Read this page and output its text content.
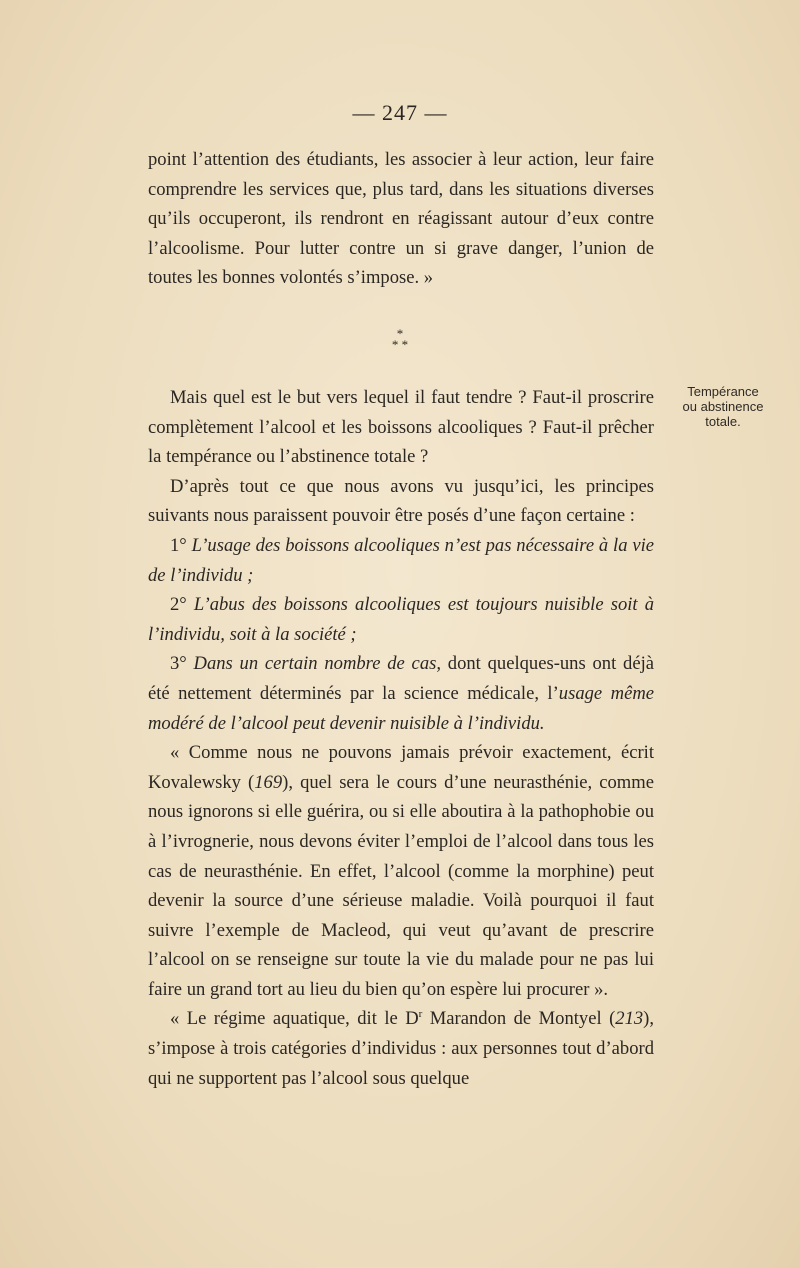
— 247 —

point l’attention des étudiants, les associer à leur action, leur faire comprendre les services que, plus tard, dans les situations diverses qu’ils occuperont, ils rendront en réagissant autour d’eux contre l’alcoolisme. Pour lutter contre un si grave danger, l’union de toutes les bonnes volontés s’impose. »

*
* *
Tempérance
ou abstinence
totale.

Mais quel est le but vers lequel il faut tendre ? Faut-il proscrire complètement l’alcool et les boissons alcooliques ? Faut-il prêcher la tempérance ou l’abstinence totale ?

D’après tout ce que nous avons vu jusqu’ici, les principes suivants nous paraissent pouvoir être posés d’une façon certaine :

1° L’usage des boissons alcooliques n’est pas nécessaire à la vie de l’individu ;

2° L’abus des boissons alcooliques est toujours nuisible soit à l’individu, soit à la société ;

3° Dans un certain nombre de cas, dont quelques-uns ont déjà été nettement déterminés par la science médicale, l’usage même modéré de l’alcool peut devenir nuisible à l’individu.

« Comme nous ne pouvons jamais prévoir exactement, écrit Kovalewsky (169), quel sera le cours d’une neurasthénie, comme nous ignorons si elle guérira, ou si elle aboutira à la pathophobie ou à l’ivrognerie, nous devons éviter l’emploi de l’alcool dans tous les cas de neurasthénie. En effet, l’alcool (comme la morphine) peut devenir la source d’une sérieuse maladie. Voilà pourquoi il faut suivre l’exemple de Macleod, qui veut qu’avant de prescrire l’alcool on se renseigne sur toute la vie du malade pour ne pas lui faire un grand tort au lieu du bien qu’on espère lui procurer ».

« Le régime aquatique, dit le $D^r$ Marandon de Montyel (213), s’impose à trois catégories d’individus : aux personnes tout d’abord qui ne supportent pas l’alcool sous quelque
